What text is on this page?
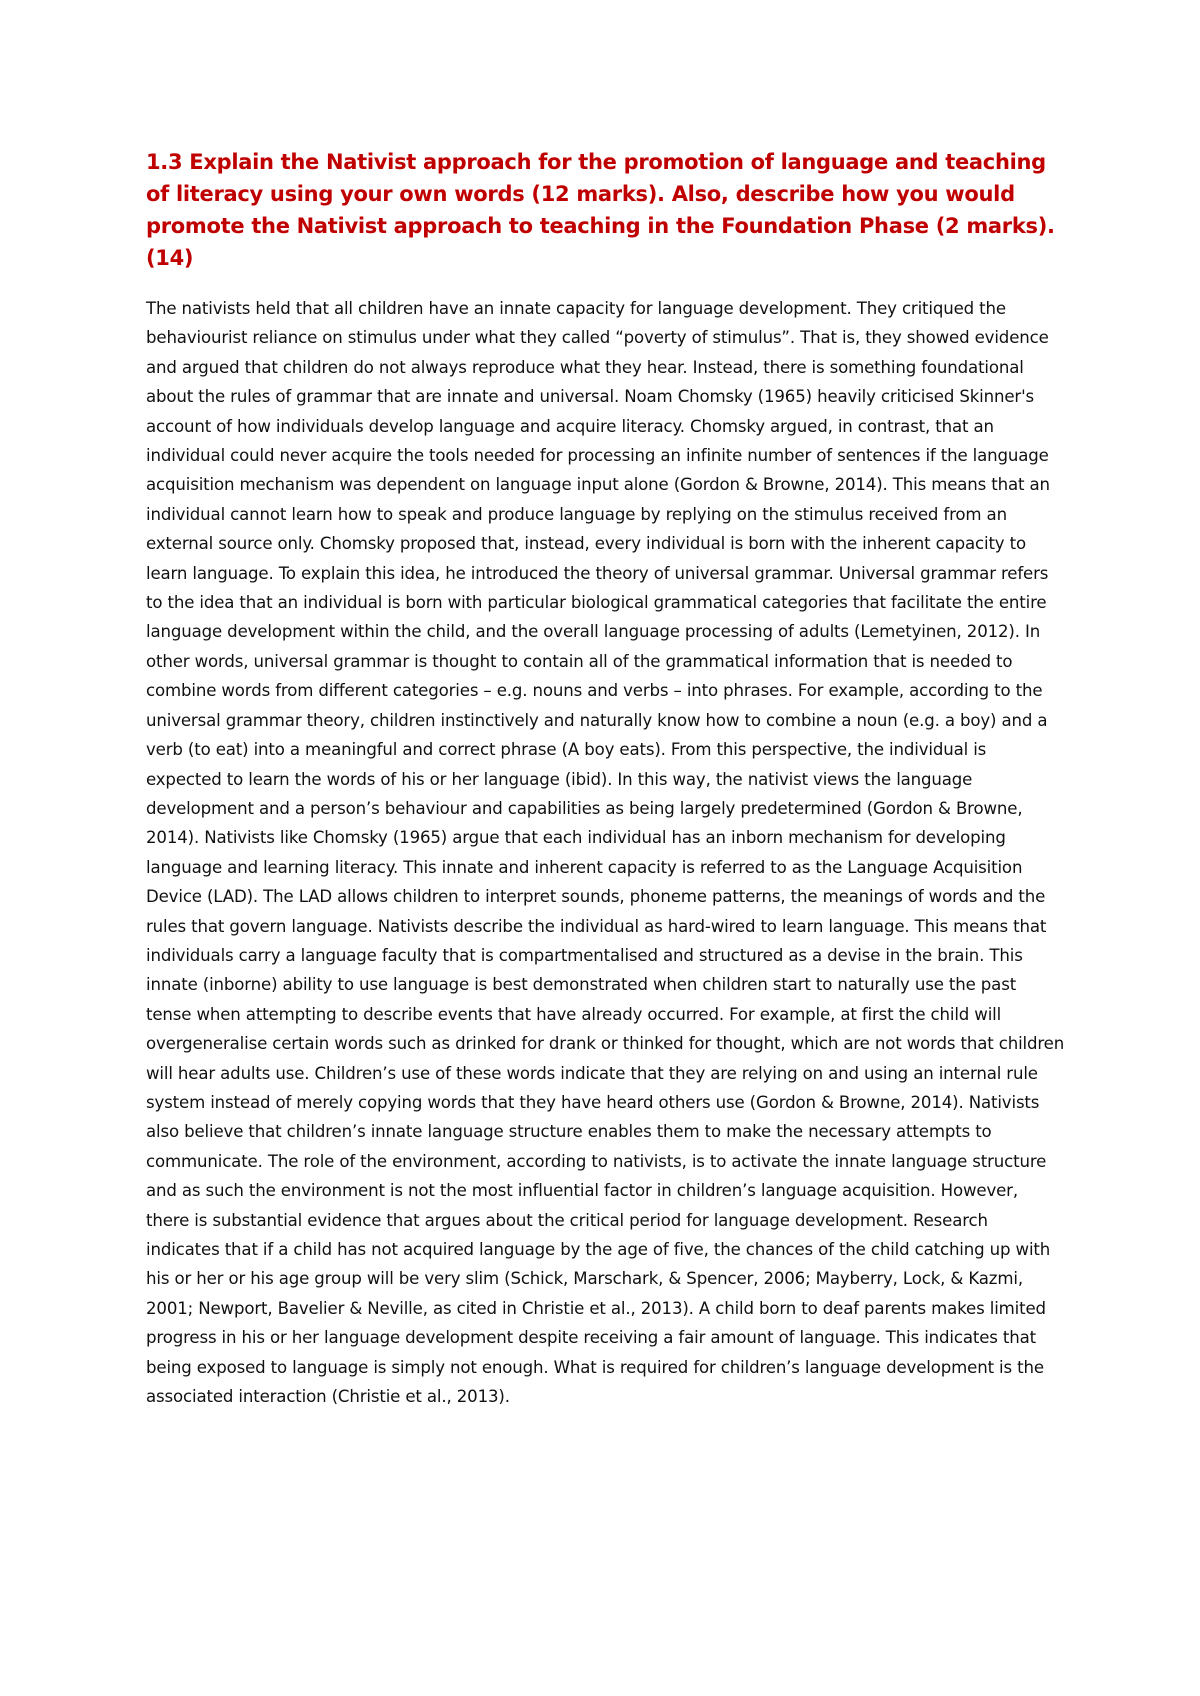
1.3 Explain the Nativist approach for the promotion of language and teaching of literacy using your own words (12 marks). Also, describe how you would promote the Nativist approach to teaching in the Foundation Phase (2 marks). (14)

The nativists held that all children have an innate capacity for language development. They critiqued the behaviourist reliance on stimulus under what they called “poverty of stimulus”. That is, they showed evidence and argued that children do not always reproduce what they hear. Instead, there is something foundational about the rules of grammar that are innate and universal. Noam Chomsky (1965) heavily criticised Skinner's account of how individuals develop language and acquire literacy. Chomsky argued, in contrast, that an individual could never acquire the tools needed for processing an infinite number of sentences if the language acquisition mechanism was dependent on language input alone (Gordon & Browne, 2014). This means that an individual cannot learn how to speak and produce language by replying on the stimulus received from an external source only. Chomsky proposed that, instead, every individual is born with the inherent capacity to learn language. To explain this idea, he introduced the theory of universal grammar. Universal grammar refers to the idea that an individual is born with particular biological grammatical categories that facilitate the entire language development within the child, and the overall language processing of adults (Lemetyinen, 2012). In other words, universal grammar is thought to contain all of the grammatical information that is needed to combine words from different categories – e.g. nouns and verbs – into phrases. For example, according to the universal grammar theory, children instinctively and naturally know how to combine a noun (e.g. a boy) and a verb (to eat) into a meaningful and correct phrase (A boy eats). From this perspective, the individual is expected to learn the words of his or her language (ibid). In this way, the nativist views the language development and a person’s behaviour and capabilities as being largely predetermined (Gordon & Browne, 2014). Nativists like Chomsky (1965) argue that each individual has an inborn mechanism for developing language and learning literacy. This innate and inherent capacity is referred to as the Language Acquisition Device (LAD). The LAD allows children to interpret sounds, phoneme patterns, the meanings of words and the rules that govern language. Nativists describe the individual as hard-wired to learn language. This means that individuals carry a language faculty that is compartmentalised and structured as a devise in the brain. This innate (inborne) ability to use language is best demonstrated when children start to naturally use the past tense when attempting to describe events that have already occurred. For example, at first the child will overgeneralise certain words such as drinked for drank or thinked for thought, which are not words that children will hear adults use. Children’s use of these words indicate that they are relying on and using an internal rule system instead of merely copying words that they have heard others use (Gordon & Browne, 2014). Nativists also believe that children’s innate language structure enables them to make the necessary attempts to communicate. The role of the environment, according to nativists, is to activate the innate language structure and as such the environment is not the most influential factor in children’s language acquisition. However, there is substantial evidence that argues about the critical period for language development. Research indicates that if a child has not acquired language by the age of five, the chances of the child catching up with his or her or his age group will be very slim (Schick, Marschark, & Spencer, 2006; Mayberry, Lock, & Kazmi, 2001; Newport, Bavelier & Neville, as cited in Christie et al., 2013). A child born to deaf parents makes limited progress in his or her language development despite receiving a fair amount of language. This indicates that being exposed to language is simply not enough. What is required for children’s language development is the associated interaction (Christie et al., 2013).
